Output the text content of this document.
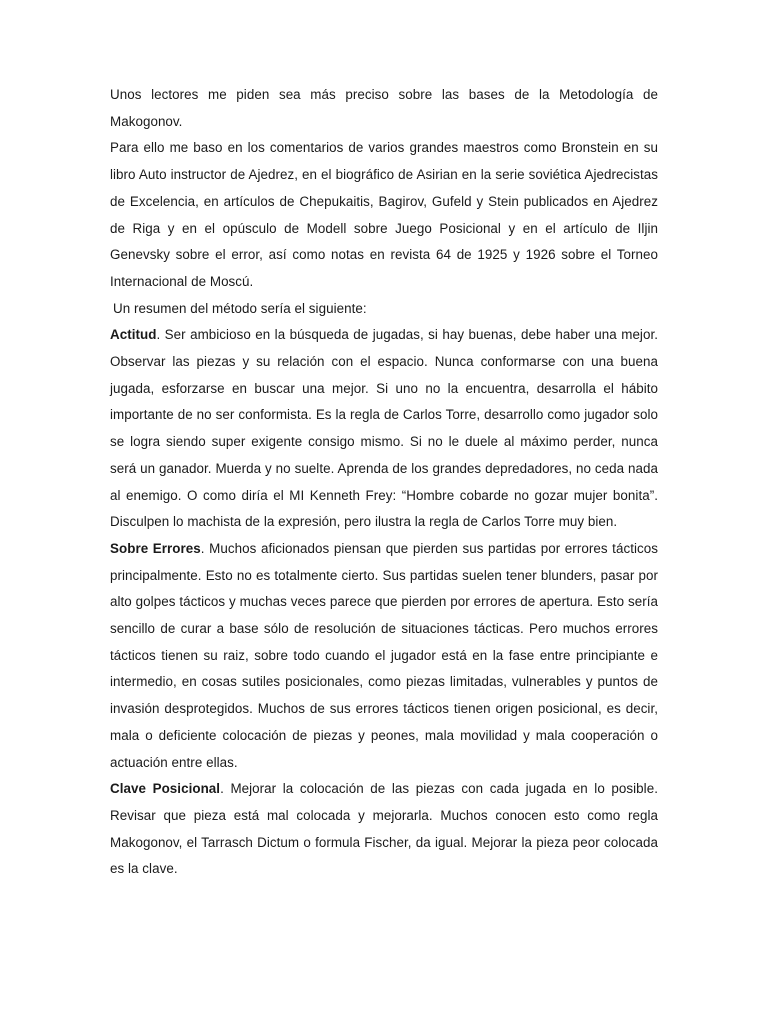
Unos lectores me piden sea más preciso sobre las bases de la Metodología de Makogonov.

Para ello me baso en los comentarios de varios grandes maestros como Bronstein en su libro Auto instructor de Ajedrez, en el biográfico de Asirian en la serie soviética Ajedrecistas de Excelencia, en artículos de Chepukaitis, Bagirov, Gufeld y Stein publicados en Ajedrez de Riga y en el opúsculo de Modell sobre Juego Posicional y en el artículo de Iljin Genevsky sobre el error, así como notas en revista 64 de 1925 y 1926 sobre el Torneo Internacional de Moscú.

Un resumen del método sería el siguiente:

Actitud. Ser ambicioso en la búsqueda de jugadas, si hay buenas, debe haber una mejor. Observar las piezas y su relación con el espacio. Nunca conformarse con una buena jugada, esforzarse en buscar una mejor. Si uno no la encuentra, desarrolla el hábito importante de no ser conformista. Es la regla de Carlos Torre, desarrollo como jugador solo se logra siendo super exigente consigo mismo. Si no le duele al máximo perder, nunca será un ganador. Muerda y no suelte. Aprenda de los grandes depredadores, no ceda nada al enemigo. O como diría el MI Kenneth Frey: “Hombre cobarde no gozar mujer bonita”. Disculpen lo machista de la expresión, pero ilustra la regla de Carlos Torre muy bien.

Sobre Errores. Muchos aficionados piensan que pierden sus partidas por errores tácticos principalmente. Esto no es totalmente cierto. Sus partidas suelen tener blunders, pasar por alto golpes tácticos y muchas veces parece que pierden por errores de apertura. Esto sería sencillo de curar a base sólo de resolución de situaciones tácticas. Pero muchos errores tácticos tienen su raiz, sobre todo cuando el jugador está en la fase entre principiante e intermedio, en cosas sutiles posicionales, como piezas limitadas, vulnerables y puntos de invasión desprotegidos. Muchos de sus errores tácticos tienen origen posicional, es decir, mala o deficiente colocación de piezas y peones, mala movilidad y mala cooperación o actuación entre ellas.

Clave Posicional. Mejorar la colocación de las piezas con cada jugada en lo posible. Revisar que pieza está mal colocada y mejorarla. Muchos conocen esto como regla Makogonov, el Tarrasch Dictum o formula Fischer, da igual. Mejorar la pieza peor colocada es la clave.
